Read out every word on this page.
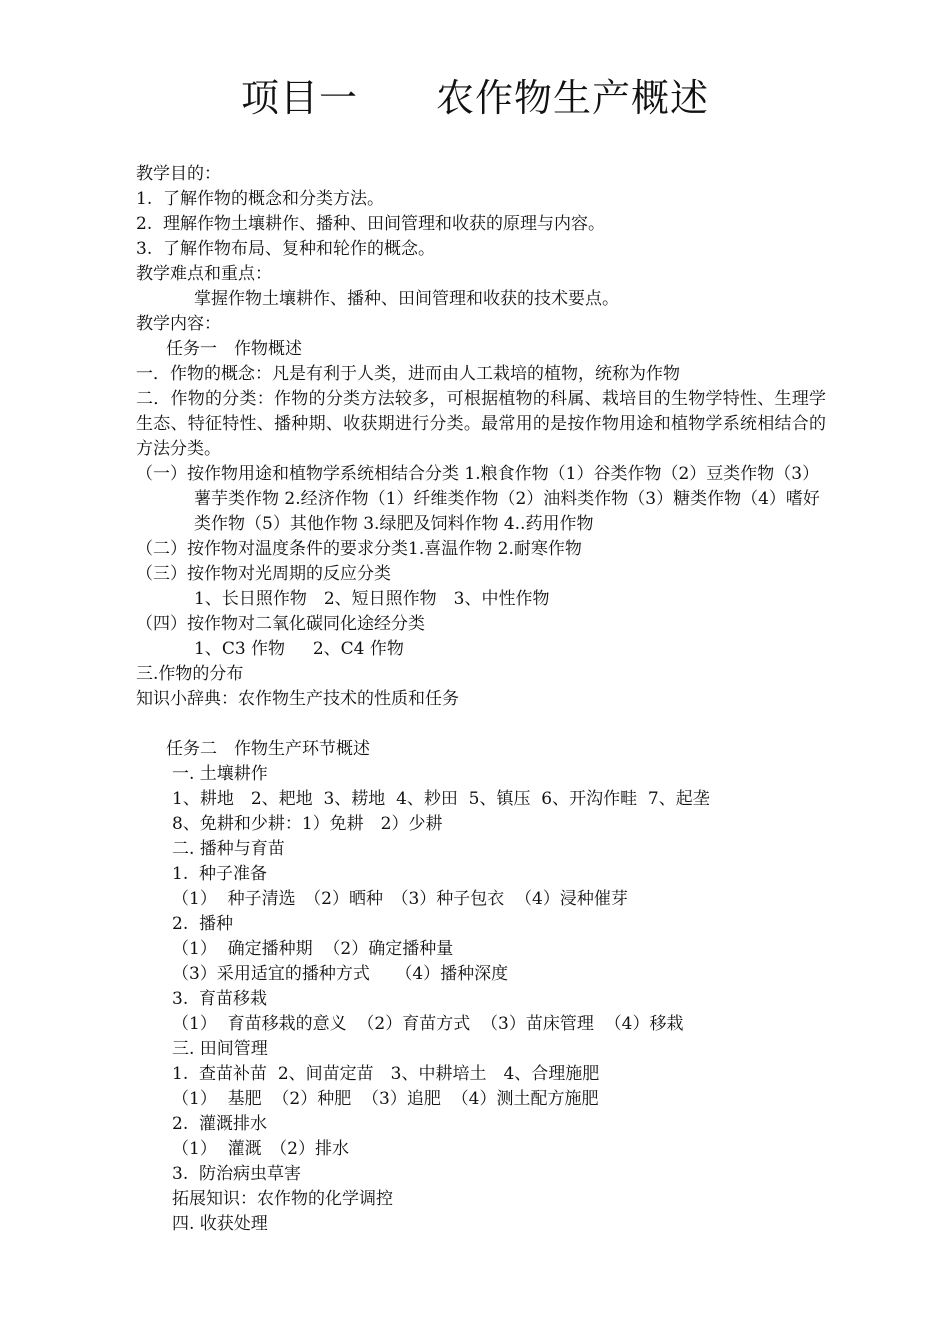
项目一　　农作物生产概述
教学目的：
1.  了解作物的概念和分类方法。
2.  理解作物土壤耕作、播种、田间管理和收获的原理与内容。
3.  了解作物布局、复种和轮作的概念。
教学难点和重点：
掌握作物土壤耕作、播种、田间管理和收获的技术要点。
教学内容：
任务一　作物概述
一．作物的概念：凡是有利于人类，进而由人工栽培的植物，统称为作物
二．作物的分类：作物的分类方法较多，可根据植物的科属、栽培目的生物学特性、生理学生态、特征特性、播种期、收获期进行分类。最常用的是按作物用途和植物学系统相结合的方法分类。
（一）按作物用途和植物学系统相结合分类 1.粮食作物（1）谷类作物（2）豆类作物（3）薯芋类作物 2.经济作物（1）纤维类作物（2）油料类作物（3）糖类作物（4）嗜好类作物（5）其他作物 3.绿肥及饲料作物 4..药用作物
（二）按作物对温度条件的要求分类1.喜温作物 2.耐寒作物
（三）按作物对光周期的反应分类
1、长日照作物　2、短日照作物　3、中性作物
（四）按作物对二氧化碳同化途经分类
1、C3 作物　  2、C4 作物
三.作物的分布
知识小辞典：农作物生产技术的性质和任务
任务二　作物生产环节概述
一. 土壤耕作
1、耕地　2、耙地  3、耢地  4、耖田  5、镇压  6、开沟作畦  7、起垄
8、免耕和少耕：1）免耕　2）少耕
二. 播种与育苗
1.  种子准备
（1）  种子清选　（2）晒种　（3）种子包衣  （4）浸种催芽
2.  播种
（1）  确定播种期  （2）确定播种量
（3）采用适宜的播种方式　　（4）播种深度
3.  育苗移栽
（1）  育苗移栽的意义  （2）育苗方式  （3）苗床管理  （4）移栽
三. 田间管理
1.  查苗补苗  2、间苗定苗　3、中耕培土　4、合理施肥
（1）  基肥  （2）种肥  （3）追肥  （4）测土配方施肥
2.  灌溉排水
（1）  灌溉　（2）排水
3.  防治病虫草害
拓展知识：农作物的化学调控
四. 收获处理
